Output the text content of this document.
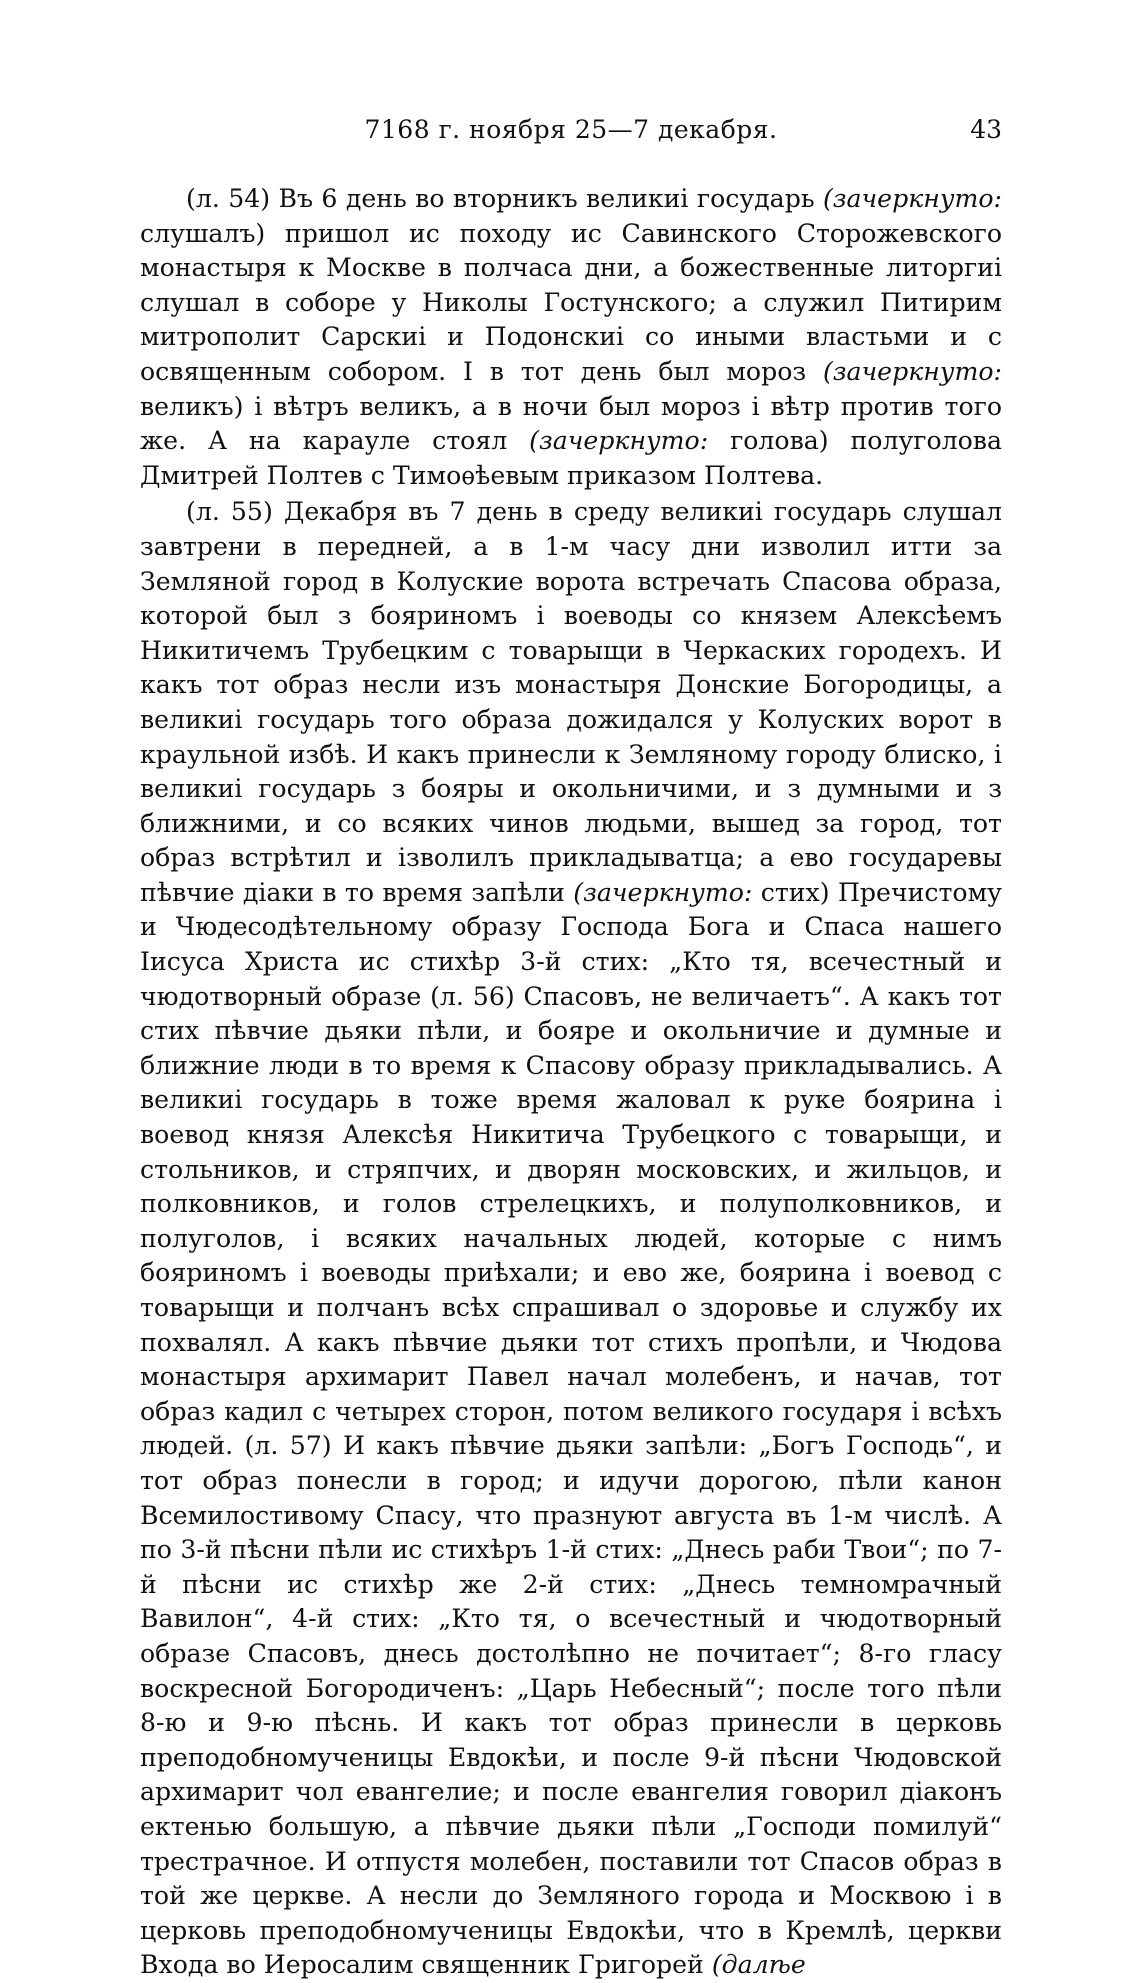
7168 г. ноября 25—7 декабря.	43

(л. 54) Въ 6 день во вторникъ великиі государь (зачеркнуто: слушалъ) пришол ис походу ис Савинского Сторожевского монастыря к Москве в полчаса дни, а божественные литоргиі слушал в соборе у Николы Гостунского; а служил Питирим митрополит Сарскиі и Подонскиі со иными властьми и с освященным собором. І в тот день был мороз (зачеркнуто: великъ) і вѣтръ великъ, а в ночи был мороз і вѣтр против того же. А на карауле стоял (зачеркнуто: голова) полуголова Дмитрей Полтев с Тимоѳѣевым приказом Полтева.

(л. 55) Декабря въ 7 день в среду великиі государь слушал завтрени в передней, а в 1-м часу дни изволил итти за Земляной город в Колуские ворота встречать Спасова образа, которой был з бояриномъ і воеводы со князем Алексѣемъ Никитичемъ Трубецким с товарыщи в Черкаских городехъ. И какъ тот образ несли изъ монастыря Донские Богородицы, а великиі государь того образа дожидался у Колуских ворот в краульной избѣ. И какъ принесли к Земляному городу блиско, і великиі государь з бояры и окольничими, и з думными и з ближними, и со всяких чинов людьми, вышед за город, тот образ встрѣтил и ізволилъ прикладыватца; а ево государевы пѣвчие діаки в то время запѣли (зачеркнуто: стих) Пречистому и Чюдесодѣтельному образу Господа Бога и Спаса нашего Іисуса Христа ис стихѣр 3-й стих: „Кто тя, всечестный и чюдотворный образе (л. 56) Спасовъ, не величаетъ“. А какъ тот стих пѣвчие дьяки пѣли, и бояре и окольничие и думные и ближние люди в то время к Спасову образу прикладывались. А великиі государь в тоже время жаловал к руке боярина і воевод князя Алексѣя Никитича Трубецкого с товарыщи, и стольников, и стряпчих, и дворян московских, и жильцов, и полковников, и голов стрелецкихъ, и полуполковников, и полуголов, і всяких начальных людей, которые с нимъ бояриномъ і воеводы приѣхали; и ево же, боярина і воевод с товарыщи и полчанъ всѣх спрашивал о здоровье и службу их похвалял. А какъ пѣвчие дьяки тот стихъ пропѣли, и Чюдова монастыря архимарит Павел начал молебенъ, и начав, тот образ кадил с четырех сторон, потом великого государя і всѣхъ людей. (л. 57) И какъ пѣвчие дьяки запѣли: „Богъ Господь“, и тот образ понесли в город; и идучи дорогою, пѣли канон Всемилостивому Спасу, что празнуют августа въ 1-м числѣ. А по 3-й пѣсни пѣли ис стихѣръ 1-й стих: „Днесь раби Твои“; по 7-й пѣсни ис стихѣр же 2-й стих: „Днесь темномрачный Вавилон“, 4-й стих: „Кто тя, о всечестный и чюдотворный образе Спасовъ, днесь достолѣпно не почитает“; 8-го гласу воскресной Богородиченъ: „Царь Небесный“; после того пѣли 8-ю и 9-ю пѣснь. И какъ тот образ принесли в церковь преподобномученицы Евдокѣи, и после 9-й пѣсни Чюдовской архимарит чол евангелие; и после евангелия говорил діаконъ ектенью большую, а пѣвчие дьяки пѣли „Господи помилуй“ трестрачное. И отпустя молебен, поставили тот Спасов образ в той же церкве. А несли до Земляного города и Москвою і в церковь преподобномученицы Евдокѣи, что в Кремлѣ, церкви Входа во Иеросалим священник Григорей (далѣе
